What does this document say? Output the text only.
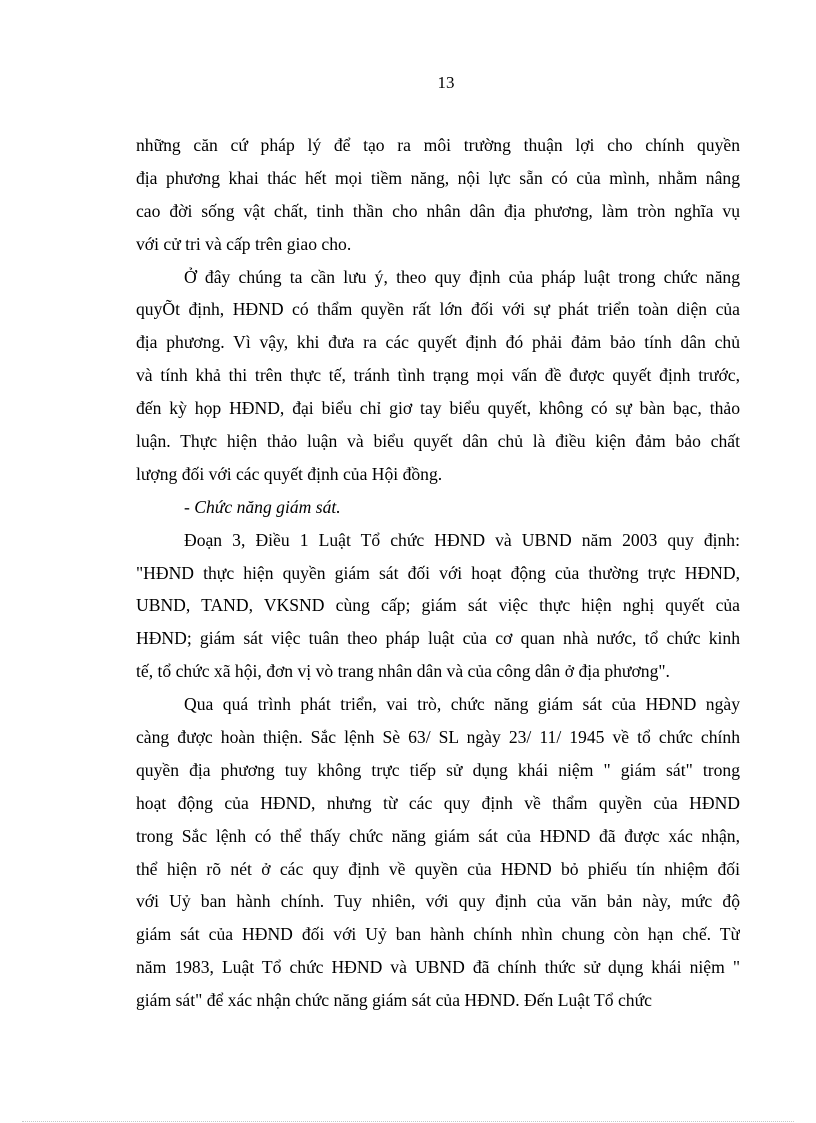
13
những căn cứ pháp lý để tạo ra môi trường thuận lợi cho chính quyền
địa phương khai thác hết mọi tiềm năng, nội lực sẵn có của mình, nhằm nâng
cao đời sống vật chất, tinh thần cho nhân dân địa phương, làm tròn nghĩa vụ
với cử tri và cấp trên giao cho.
Ở đây chúng ta cần lưu ý, theo quy định của pháp luật trong chức năng
quyÕt định, HĐND có thẩm quyền rất lớn đối với sự phát triển toàn diện của
địa phương. Vì vậy, khi đưa ra các quyết định đó phải đảm bảo tính dân chủ
và tính khả thi trên thực tế, tránh tình trạng mọi vấn đề được quyết định trước,
đến kỳ họp HĐND, đại biểu chỉ giơ tay biểu quyết, không có sự bàn bạc, thảo
luận. Thực hiện thảo luận và biểu quyết dân chủ là điều kiện đảm bảo chất
lượng đối với các quyết định của Hội đồng.
- Chức năng giám sát.
Đoạn 3, Điều 1 Luật Tổ chức HĐND và UBND năm 2003 quy định:
"HĐND thực hiện quyền giám sát đối với hoạt động của thường trực HĐND,
UBND, TAND, VKSND cùng cấp; giám sát việc thực hiện nghị quyết của
HĐND; giám sát việc tuân theo pháp luật của cơ quan nhà nước, tổ chức kinh
tế, tổ chức xã hội, đơn vị vò trang nhân dân và của công dân ở địa phương".
Qua quá trình phát triển, vai trò, chức năng giám sát của HĐND ngày
càng được hoàn thiện. Sắc lệnh Sè 63/ SL ngày 23/ 11/ 1945 về tổ chức chính
quyền địa phương tuy không trực tiếp sử dụng khái niệm " giám sát" trong
hoạt động của HĐND, nhưng từ các quy định về thẩm quyền của HĐND
trong Sắc lệnh có thể thấy chức năng giám sát của HĐND đã được xác nhận,
thể hiện rõ nét ở các quy định về quyền của HĐND bỏ phiếu tín nhiệm đối
với Uỷ ban hành chính. Tuy nhiên, với quy định của văn bản này, mức độ
giám sát của HĐND đối với Uỷ ban hành chính nhìn chung còn hạn chế. Từ
năm 1983, Luật Tổ chức HĐND và UBND đã chính thức sử dụng khái niệm "
giám sát" để xác nhận chức năng giám sát của HĐND. Đến Luật Tổ chức
